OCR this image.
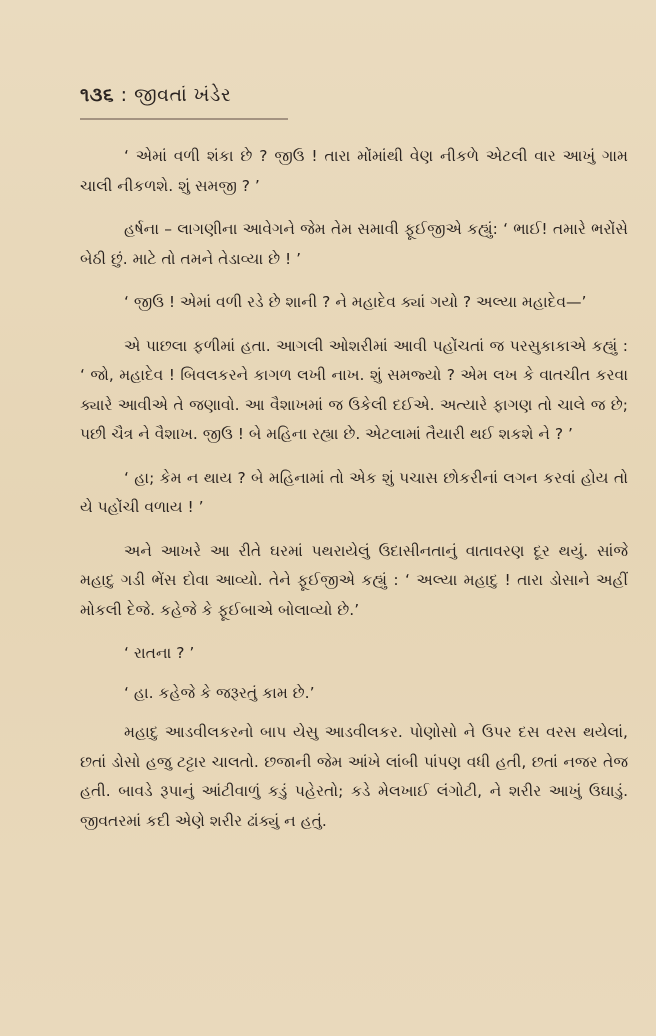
૧૩૬ : જીવતાં ખંડેર

‘ એમાં વળી શંકા છે ? જીઉ ! તારા મોંમાંથી વેણ નીકળે એટલી વાર આખું ગામ ચાલી નીકળશે. શું સમજી ? ’

હર્ષના – લાગણીના આવેગને જેમ તેમ સમાવી ફૂઈજીએ કહ્યું: ‘ ભાઈ! તમારે ભરોંસે બેઠી છું. માટે તો તમને તેડાવ્યા છે ! ’

‘ જીઉ ! એમાં વળી રડે છે શાની ? ને મહાદેવ ક્યાં ગયો ? અલ્યા મહાદેવ—’

એ પાછલા ફળીમાં હતા. આગલી ઓશરીમાં આવી પહોંચતાં જ પરસુકાકાએ કહ્યું : ‘ જો, મહાદેવ ! બિવલકરને કાગળ લખી નાખ. શું સમજ્યો ? એમ લખ કે વાતચીત કરવા ક્યારે આવીએ તે જણાવો. આ વૈશાખમાં જ ઉકેલી દઈએ. અત્યારે ફાગણ તો ચાલે જ છે; પછી ચૈત્ર ને વૈશાખ. જીઉ ! બે મહિના રહ્યા છે. એટલામાં તૈયારી થઈ શકશે ને ? ’

‘ હા; કેમ ન થાય ? બે મહિનામાં તો એક શું પચાસ છોકરીનાં લગન કરવાં હોય તો યે પહોંચી વળાય ! ’

અને આખરે આ રીતે ઘરમાં પથરાયેલું ઉદાસીનતાનું વાતાવરણ દૂર થયું. સાંજે મહાદુ ગડી ભેંસ દોવા આવ્યો. તેને ફૂઈજીએ કહ્યું : ‘ અલ્યા મહાદુ ! તારા ડોસાને અહીં મોકલી દેજે. કહેજે કે ફૂઈબાએ બોલાવ્યો છે.’

‘ રાતના ? ’

‘ હા. કહેજે કે જરૂરતું કામ છે.’

મહાદુ આડવીલકરનો બાપ યેસુ આડવીલકર. પોણોસો ને ઉપર દસ વરસ થયેલાં, છતાં ડોસો હજુ ટટ્ટાર ચાલતો. છજાની જેમ આંખે લાંબી પાંપણ વધી હતી, છતાં નજર તેજ હતી. બાવડે રૂપાનું આંટીવાળું કડું પહેરતો; કડે મેલખાઈ લંગોટી, ને શરીર આખું ઉઘાડું. જીવતરમાં કદી એણે શરીર ઢાંક્યું ન હતું.
